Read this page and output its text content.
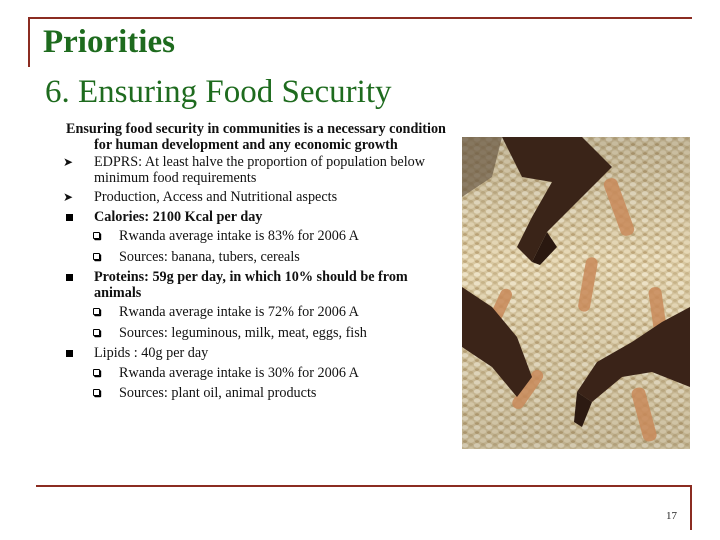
Priorities
6. Ensuring Food Security
Ensuring food security in communities is a necessary condition for human development and any economic growth
➤ EDPRS: At least halve the proportion of population below minimum food requirements
➤ Production, Access and Nutritional aspects
Calories: 2100 Kcal per day
Rwanda average intake is 83% for 2006 A
Sources: banana, tubers, cereals
Proteins: 59g per day, in which 10% should be from animals
Rwanda average intake is 72% for 2006 A
Sources: leguminous, milk, meat, eggs, fish
Lipids : 40g per day
Rwanda average intake is 30% for 2006 A
Sources: plant oil, animal products
17
